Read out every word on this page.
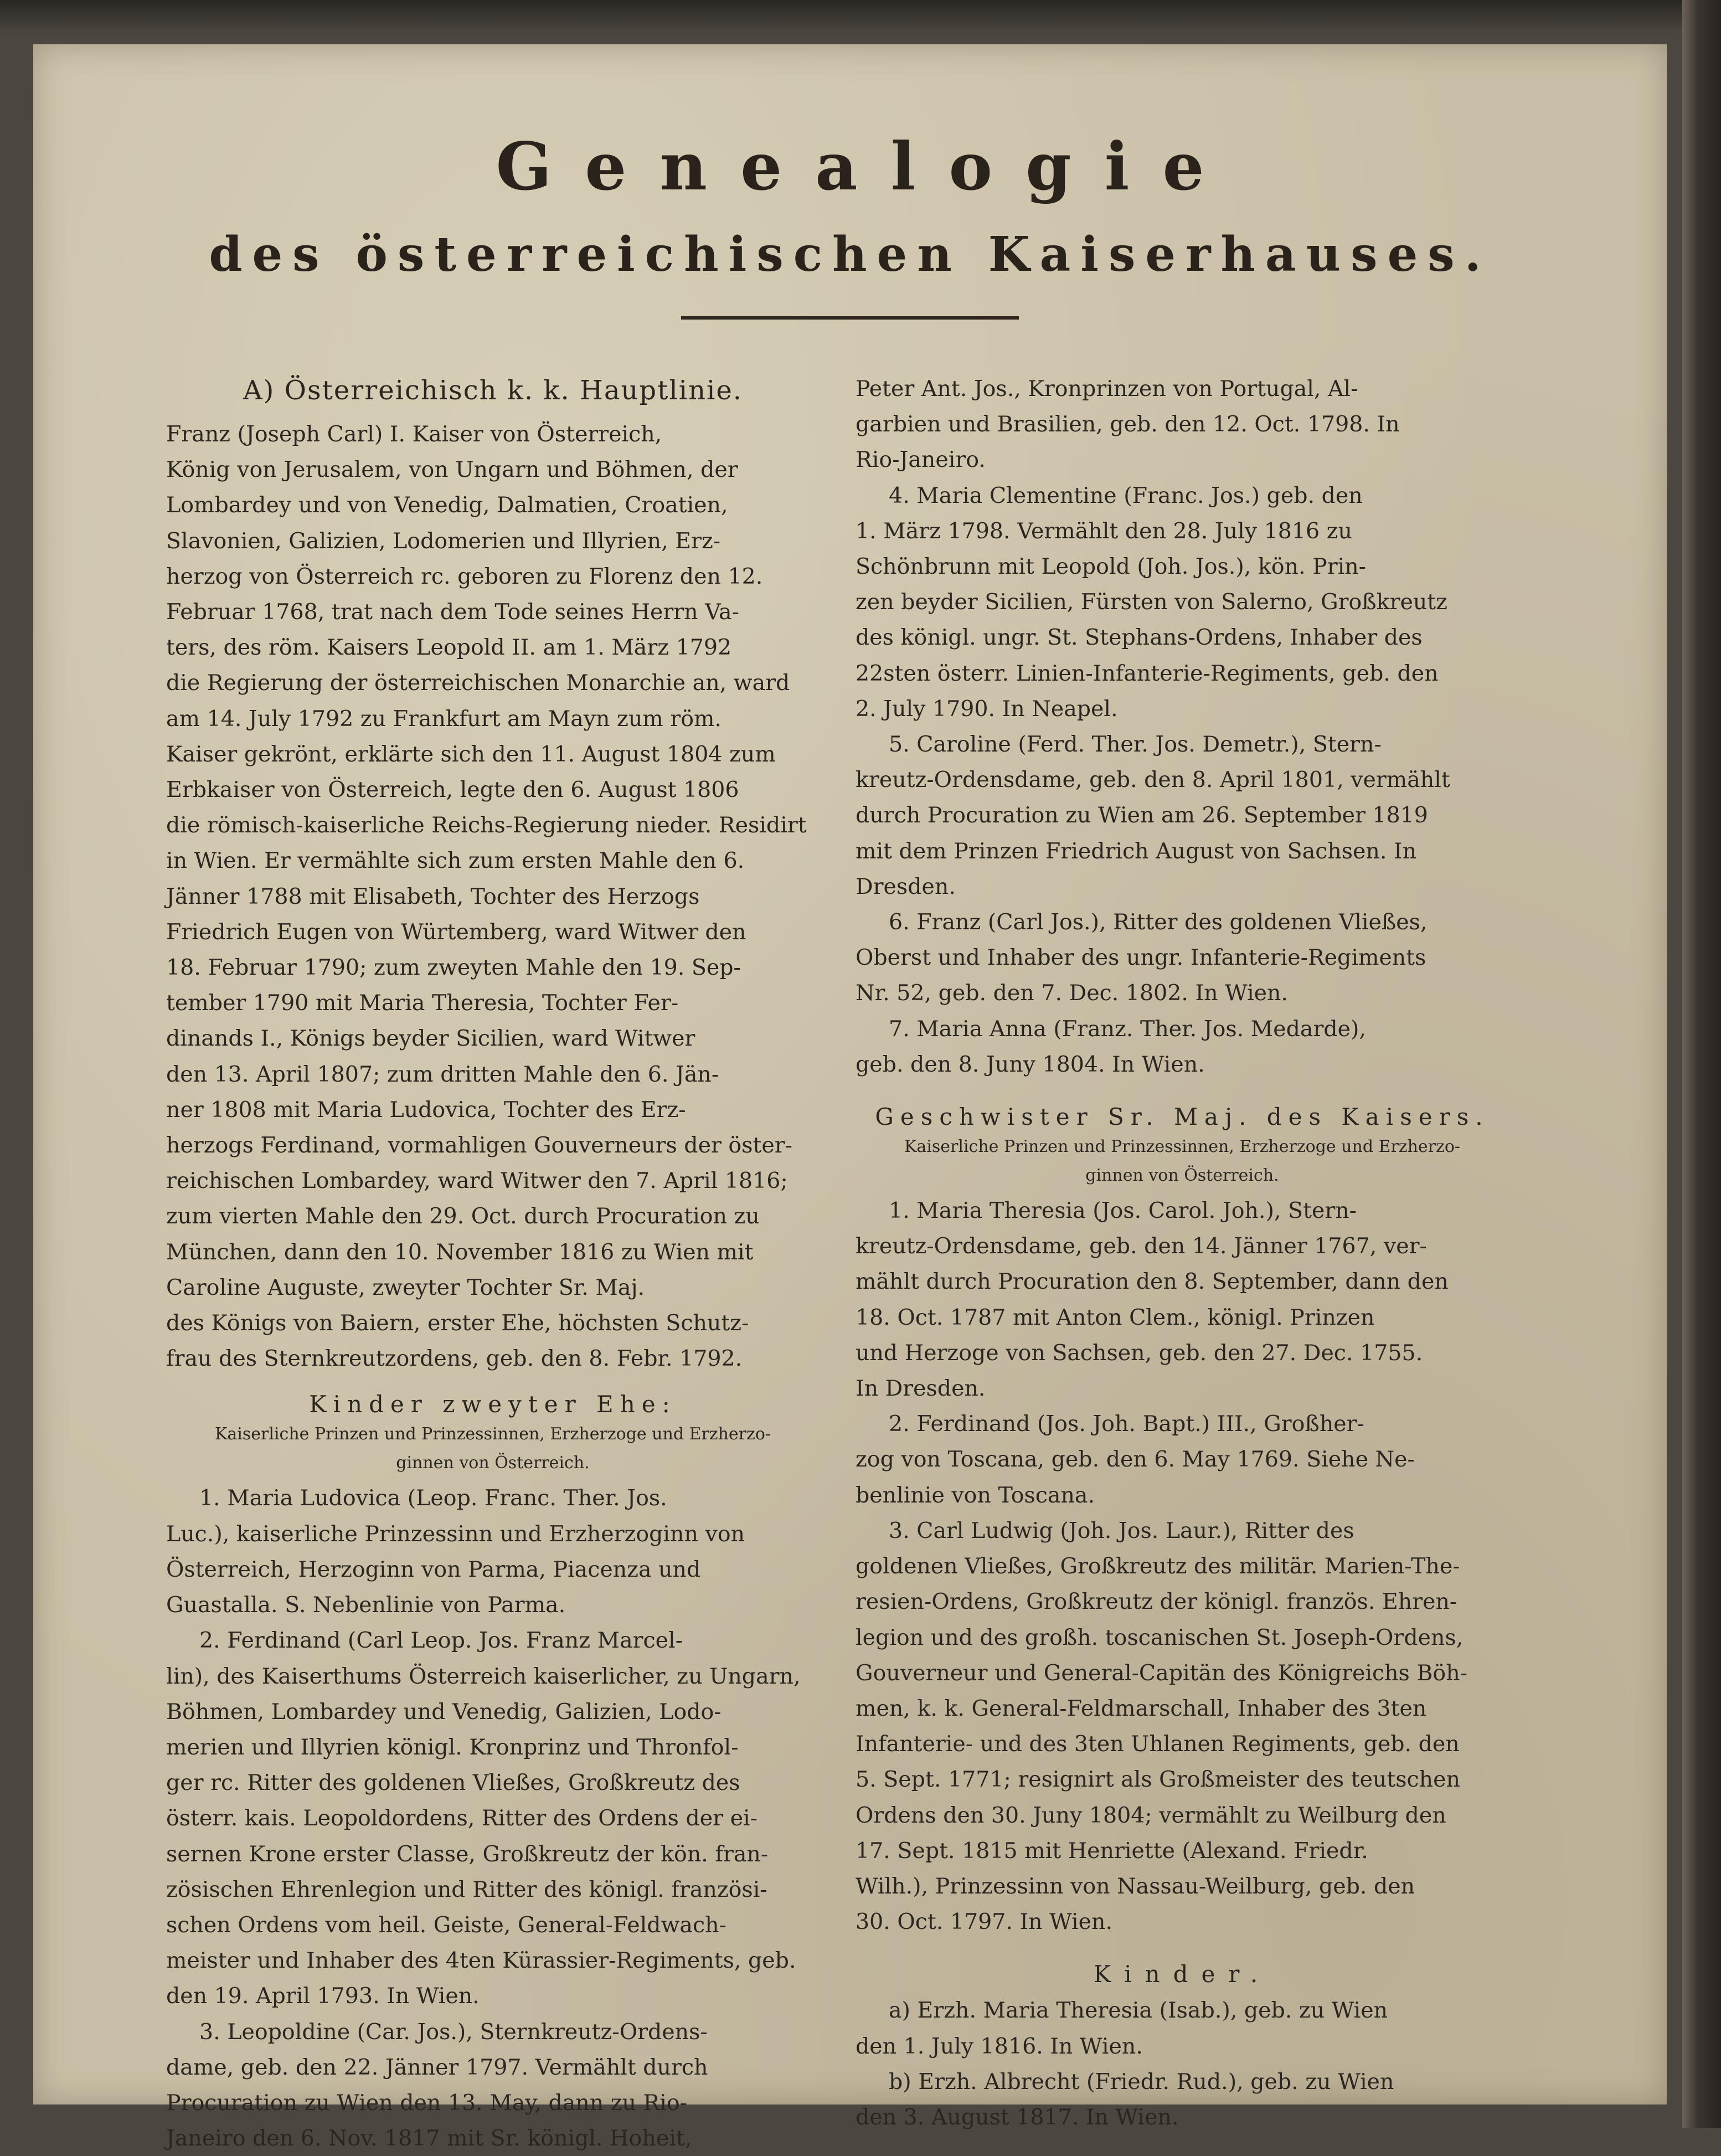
Genealogie
des österreichischen Kaiserhauses.
A) Österreichisch k. k. Hauptlinie.
Franz (Joseph Carl) I. Kaiser von Österreich,
König von Jerusalem, von Ungarn und Böhmen, der
Lombardey und von Venedig, Dalmatien, Croatien,
Slavonien, Galizien, Lodomerien und Illyrien, Erz-
herzog von Österreich rc. geboren zu Florenz den 12.
Februar 1768, trat nach dem Tode seines Herrn Va-
ters, des röm. Kaisers Leopold II. am 1. März 1792
die Regierung der österreichischen Monarchie an, ward
am 14. July 1792 zu Frankfurt am Mayn zum röm.
Kaiser gekrönt, erklärte sich den 11. August 1804 zum
Erbkaiser von Österreich, legte den 6. August 1806
die römisch-kaiserliche Reichs-Regierung nieder. Residirt
in Wien. Er vermählte sich zum ersten Mahle den 6.
Jänner 1788 mit Elisabeth, Tochter des Herzogs
Friedrich Eugen von Würtemberg, ward Witwer den
18. Februar 1790; zum zweyten Mahle den 19. Sep-
tember 1790 mit Maria Theresia, Tochter Fer-
dinands I., Königs beyder Sicilien, ward Witwer
den 13. April 1807; zum dritten Mahle den 6. Jän-
ner 1808 mit Maria Ludovica, Tochter des Erz-
herzogs Ferdinand, vormahligen Gouverneurs der öster-
reichischen Lombardey, ward Witwer den 7. April 1816;
zum vierten Mahle den 29. Oct. durch Procuration zu
München, dann den 10. November 1816 zu Wien mit
Caroline Auguste, zweyter Tochter Sr. Maj.
des Königs von Baiern, erster Ehe, höchsten Schutz-
frau des Sternkreutzordens, geb. den 8. Febr. 1792.
Kinder zweyter Ehe:
Kaiserliche Prinzen und Prinzessinnen, Erzherzoge und Erzherzo-
ginnen von Österreich.
1. Maria Ludovica (Leop. Franc. Ther. Jos.
Luc.), kaiserliche Prinzessinn und Erzherzoginn von
Österreich, Herzoginn von Parma, Piacenza und
Guastalla. S. Nebenlinie von Parma.
2. Ferdinand (Carl Leop. Jos. Franz Marcel-
lin), des Kaiserthums Österreich kaiserlicher, zu Ungarn,
Böhmen, Lombardey und Venedig, Galizien, Lodo-
merien und Illyrien königl. Kronprinz und Thronfol-
ger rc. Ritter des goldenen Vließes, Großkreutz des
österr. kais. Leopoldordens, Ritter des Ordens der ei-
sernen Krone erster Classe, Großkreutz der kön. fran-
zösischen Ehrenlegion und Ritter des königl. französi-
schen Ordens vom heil. Geiste, General-Feldwach-
meister und Inhaber des 4ten Kürassier-Regiments, geb.
den 19. April 1793. In Wien.
3. Leopoldine (Car. Jos.), Sternkreutz-Ordens-
dame, geb. den 22. Jänner 1797. Vermählt durch
Procuration zu Wien den 13. May, dann zu Rio-
Janeiro den 6. Nov. 1817 mit Sr. königl. Hoheit,
Peter Ant. Jos., Kronprinzen von Portugal, Al-
garbien und Brasilien, geb. den 12. Oct. 1798. In
Rio-Janeiro.
4. Maria Clementine (Franc. Jos.) geb. den
1. März 1798. Vermählt den 28. July 1816 zu
Schönbrunn mit Leopold (Joh. Jos.), kön. Prin-
zen beyder Sicilien, Fürsten von Salerno, Großkreutz
des königl. ungr. St. Stephans-Ordens, Inhaber des
22sten österr. Linien-Infanterie-Regiments, geb. den
2. July 1790. In Neapel.
5. Caroline (Ferd. Ther. Jos. Demetr.), Stern-
kreutz-Ordensdame, geb. den 8. April 1801, vermählt
durch Procuration zu Wien am 26. September 1819
mit dem Prinzen Friedrich August von Sachsen. In
Dresden.
6. Franz (Carl Jos.), Ritter des goldenen Vließes,
Oberst und Inhaber des ungr. Infanterie-Regiments
Nr. 52, geb. den 7. Dec. 1802. In Wien.
7. Maria Anna (Franz. Ther. Jos. Medarde),
geb. den 8. Juny 1804. In Wien.
Geschwister Sr. Maj. des Kaisers.
Kaiserliche Prinzen und Prinzessinnen, Erzherzoge und Erzherzo-
ginnen von Österreich.
1. Maria Theresia (Jos. Carol. Joh.), Stern-
kreutz-Ordensdame, geb. den 14. Jänner 1767, ver-
mählt durch Procuration den 8. September, dann den
18. Oct. 1787 mit Anton Clem., königl. Prinzen
und Herzoge von Sachsen, geb. den 27. Dec. 1755.
In Dresden.
2. Ferdinand (Jos. Joh. Bapt.) III., Großher-
zog von Toscana, geb. den 6. May 1769. Siehe Ne-
benlinie von Toscana.
3. Carl Ludwig (Joh. Jos. Laur.), Ritter des
goldenen Vließes, Großkreutz des militär. Marien-The-
resien-Ordens, Großkreutz der königl. französ. Ehren-
legion und des großh. toscanischen St. Joseph-Ordens,
Gouverneur und General-Capitän des Königreichs Böh-
men, k. k. General-Feldmarschall, Inhaber des 3ten
Infanterie- und des 3ten Uhlanen Regiments, geb. den
5. Sept. 1771; resignirt als Großmeister des teutschen
Ordens den 30. Juny 1804; vermählt zu Weilburg den
17. Sept. 1815 mit Henriette (Alexand. Friedr.
Wilh.), Prinzessinn von Nassau-Weilburg, geb. den
30. Oct. 1797. In Wien.
Kinder.
a) Erzh. Maria Theresia (Isab.), geb. zu Wien
den 1. July 1816. In Wien.
b) Erzh. Albrecht (Friedr. Rud.), geb. zu Wien
den 3. August 1817. In Wien.
